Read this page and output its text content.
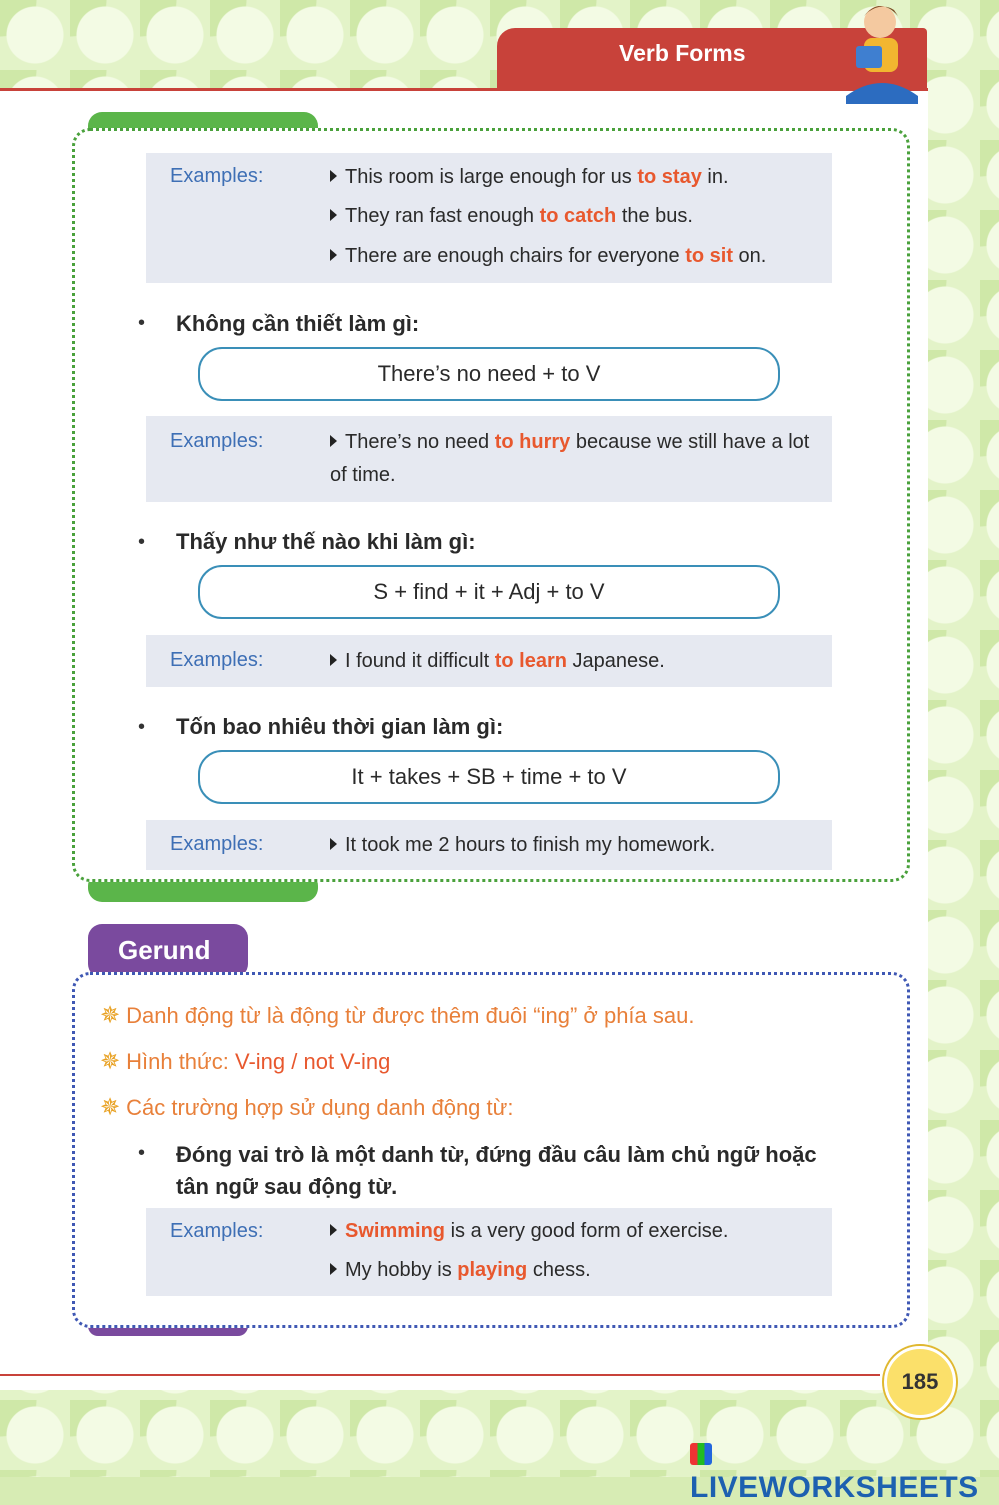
Verb Forms
Examples:	This room is large enough for us to stay in.
They ran fast enough to catch the bus.
There are enough chairs for everyone to sit on.
• Không cần thiết làm gì:
There’s no need + to V
Examples:	There’s no need to hurry because we still have a lot of time.
• Thấy như thế nào khi làm gì:
S + find + it + Adj + to V
Examples:	I found it difficult to learn Japanese.
• Tốn bao nhiêu thời gian làm gì:
It + takes + SB + time + to V
Examples:	It took me 2 hours to finish my homework.
Gerund
✵ Danh động từ là động từ được thêm đuôi “ing” ở phía sau.
✵ Hình thức: V-ing / not V-ing
✵ Các trường hợp sử dụng danh động từ:
• Đóng vai trò là một danh từ, đứng đầu câu làm chủ ngữ hoặc tân ngữ sau động từ.
Examples:	Swimming is a very good form of exercise.
My hobby is playing chess.
185
LIVEWORKSHEETS
